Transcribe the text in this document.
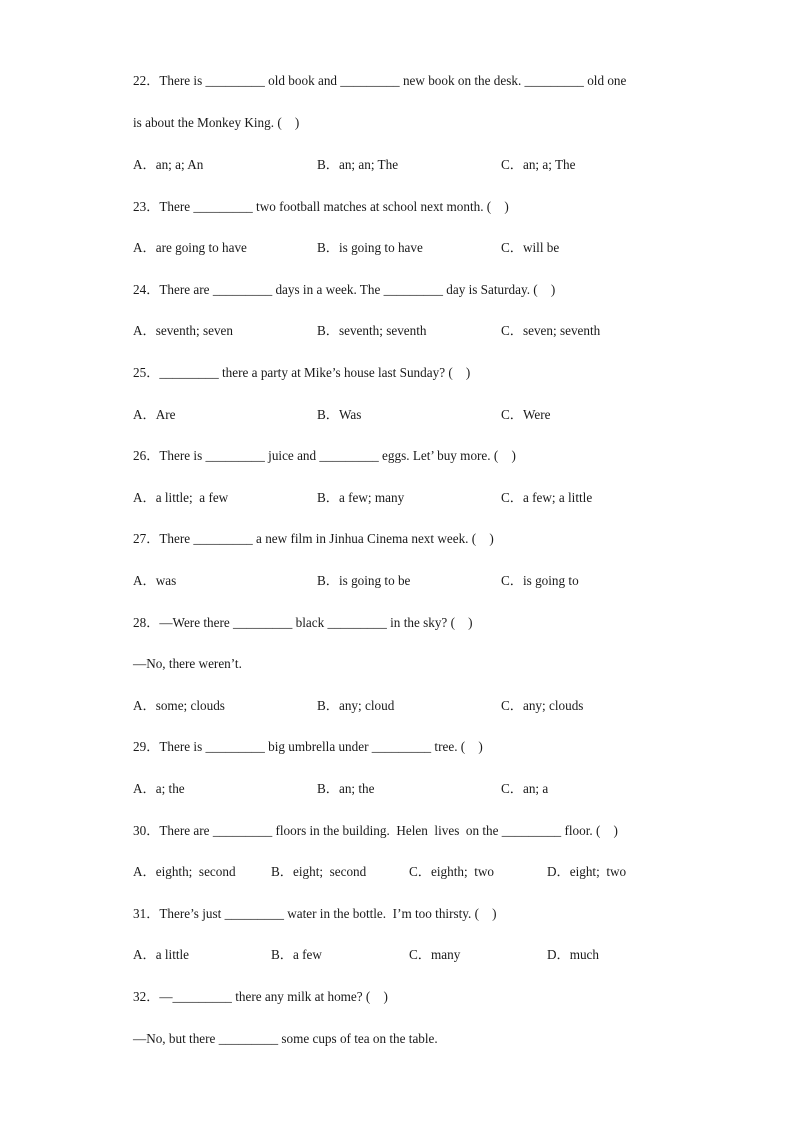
22．There is _________ old book and _________ new book on the desk. _________ old one
is about the Monkey King. (    )

A．an; a; An

	B．an; an; The

	C．an; a; The

23．There _________ two football matches at school next month. (    )

A．are going to have

	B．is going to have

	C．will be

24．There are _________ days in a week. The _________ day is Saturday. (    )

A．seventh; seven

	B．seventh; seventh

	C．seven; seventh

25．_________ there a party at Mike’s house last Sunday? (    )

A．Are

	B．Was

	C．Were

26．There is _________ juice and _________ eggs. Let’ buy more. (    )

A．a little;  a few

	B．a few; many

	C．a few; a little

27．There _________ a new film in Jinhua Cinema next week. (    )

A．was

	B．is going to be

	C．is going to

28．—Were there _________ black _________ in the sky? (    )
—No, there weren’t.

A．some; clouds

	B．any; cloud

	C．any; clouds

29．There is _________ big umbrella under _________ tree. (    )

A．a; the

	B．an; the

	C．an; a

30．There are _________ floors in the building.  Helen  lives  on the _________ floor. (    )

A．eighth;  second

	B．eight;  second

	C．eighth;  two

	D．eight;  two

31．There’s just _________ water in the bottle.  I’m too thirsty. (    )

A．a little

	B．a few

	C．many

	D．much

32．—_________ there any milk at home? (    )
—No, but there _________ some cups of tea on the table.
